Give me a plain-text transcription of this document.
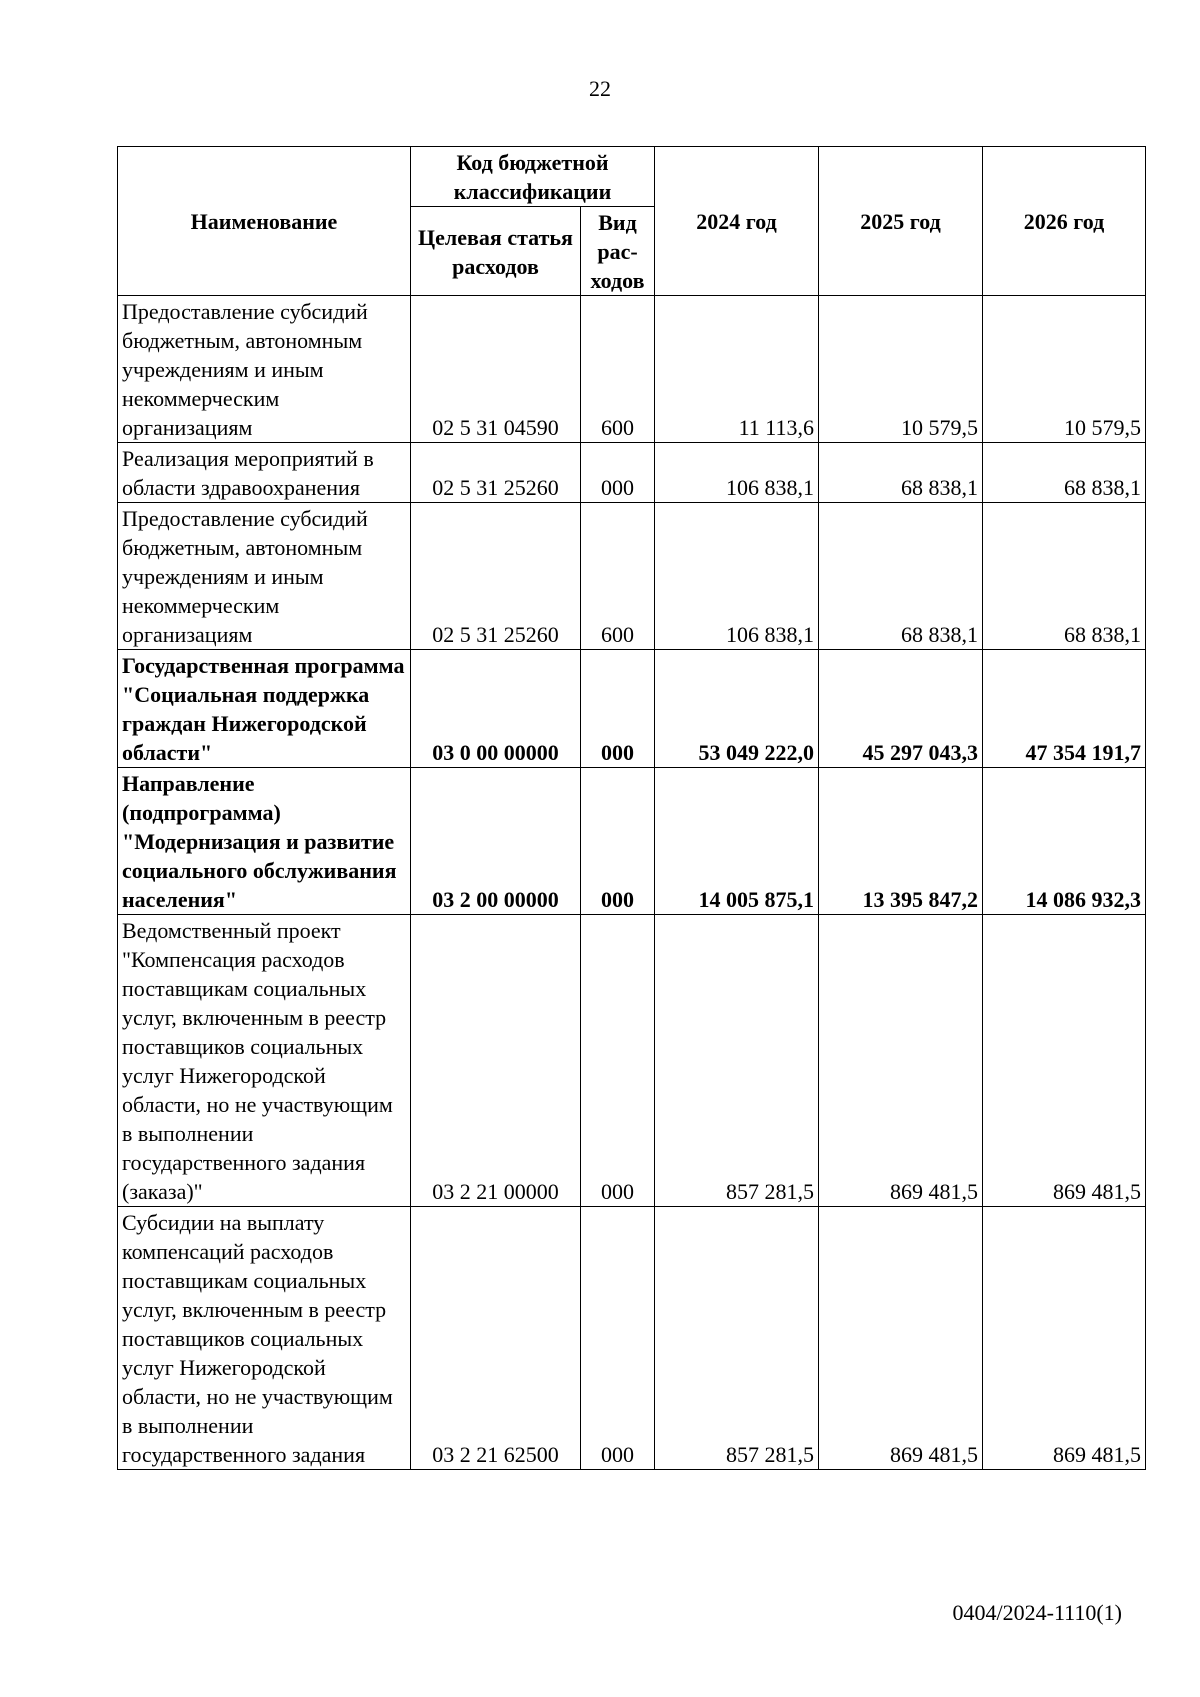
22
Наименование	Код бюджетной классификации		2024 год	2025 год	2026 год
	Целевая статья расходов	Вид рас-ходов			
Предоставление субсидий бюджетным, автономным учреждениям и иным некоммерческим организациям	02 5 31 04590	600	11 113,6	10 579,5	10 579,5
Реализация мероприятий в области здравоохранения	02 5 31 25260	000	106 838,1	68 838,1	68 838,1
Предоставление субсидий бюджетным, автономным учреждениям и иным некоммерческим организациям	02 5 31 25260	600	106 838,1	68 838,1	68 838,1
Государственная программа "Социальная поддержка граждан Нижегородской области"	03 0 00 00000	000	53 049 222,0	45 297 043,3	47 354 191,7
Направление (подпрограмма) "Модернизация и развитие социального обслуживания населения"	03 2 00 00000	000	14 005 875,1	13 395 847,2	14 086 932,3
Ведомственный проект "Компенсация расходов поставщикам социальных услуг, включенным в реестр поставщиков социальных услуг Нижегородской области, но не участвующим в выполнении государственного задания (заказа)"	03 2 21 00000	000	857 281,5	869 481,5	869 481,5
Субсидии на выплату компенсаций расходов поставщикам социальных услуг, включенным в реестр поставщиков социальных услуг Нижегородской области, но не участвующим в выполнении государственного задания	03 2 21 62500	000	857 281,5	869 481,5	869 481,5
0404/2024-1110(1)
